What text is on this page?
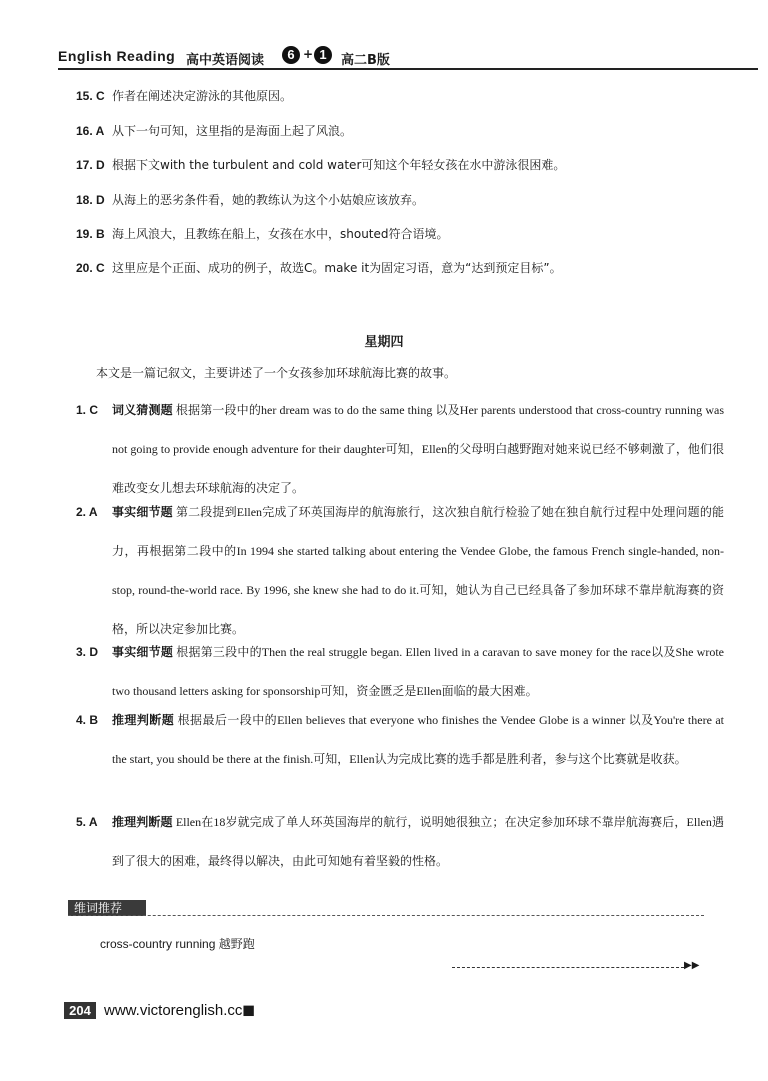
English Reading 高中英语阅读	6 + 1	高二B版
15. C 作者在阐述决定游泳的其他原因。
16. A 从下一句可知，这里指的是海面上起了风浪。
17. D 根据下文with the turbulent and cold water可知这个年轻女孩在水中游泳很困难。
18. D 从海上的恶劣条件看，她的教练认为这个小姑娘应该放弃。
19. B 海上风浪大，且教练在船上，女孩在水中，shouted符合语境。
20. C 这里应是个正面、成功的例子，故选C。make it为固定习语，意为“达到预定目标”。
星期四
本文是一篇记叙文，主要讲述了一个女孩参加环球航海比赛的故事。
1. C	词义猜测题 根据第一段中的her dream was to do the same thing 以及Her parents understood that cross-country running was not going to provide enough adventure for their daughter可知，Ellen的父母明白越野跑对她来说已经不够刺激了，他们很难改变女儿想去环球航海的决定了。
2. A	事实细节题 第二段提到Ellen完成了环英国海岸的航海旅行，这次独自航行检验了她在独自航行过程中处理问题的能力，再根据第二段中的In 1994 she started talking about entering the Vendee Globe, the famous French single-handed, non-stop, round-the-world race. By 1996, she knew she had to do it.可知，她认为自己已经具备了参加环球不靠岸航海赛的资格，所以决定参加比赛。
3. D	事实细节题 根据第三段中的Then the real struggle began. Ellen lived in a caravan to save money for the race以及She wrote two thousand letters asking for sponsorship可知，资金匮乏是Ellen面临的最大困难。
4. B	推理判断题 根据最后一段中的Ellen believes that everyone who finishes the Vendee Globe is a winner 以及You're there at the start, you should be there at the finish.可知，Ellen认为完成比赛的选手都是胜利者，参与这个比赛就是收获。
5. A	推理判断题 Ellen在18岁就完成了单人环英国海岸的航行，说明她很独立；在决定参加环球不靠岸航海赛后，Ellen遇到了很大的困难，最终得以解决，由此可知她有着坚毅的性格。
维词推荐
cross-country running 越野跑
▶▶
204 www.victorenglish.cc ◼
